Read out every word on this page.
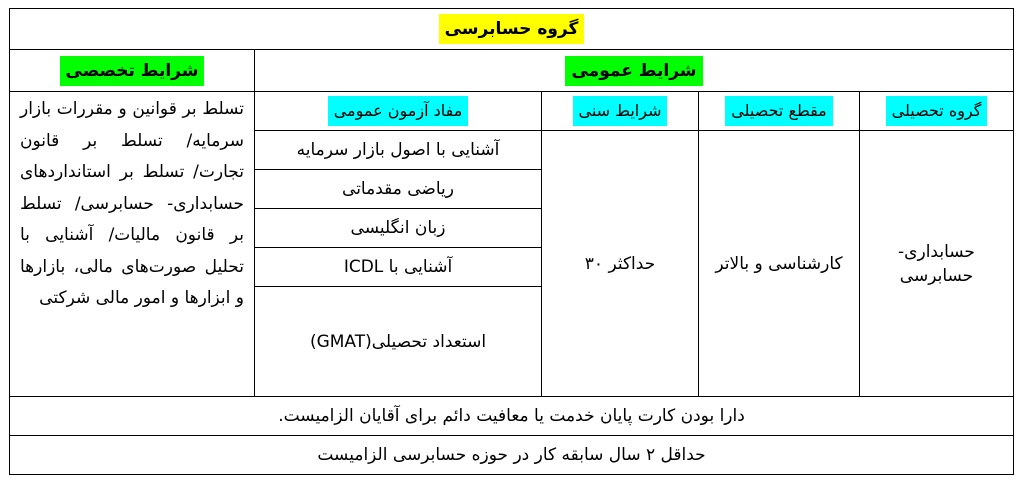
گروه حسابرسی
شرایط تخصصی	شرایط عمومی
گروه تحصیلی
مقطع تحصیلی
شرایط سنی
مفاد آزمون عمومی
تسلط بر قوانین و مقررات بازار سرمایه/ تسلط بر قانون تجارت/ تسلط بر استانداردهای حسابداری- حسابرسی/ تسلط بر قانون مالیات/ آشنایی با تحلیل صورت‌های مالی، بازارها و ابزارها و امور مالی شرکتی
حسابداری- حسابرسی
کارشناسی و بالاتر
حداکثر ۳۰
آشنایی با اصول بازار سرمایه
ریاضی مقدماتی
زبان انگلیسی
آشنایی با ICDL
استعداد تحصیلی(GMAT)
دارا بودن کارت پایان خدمت یا معافیت دائم برای آقایان الزامیست.
حداقل ۲ سال سابقه کار در حوزه حسابرسی الزامیست
